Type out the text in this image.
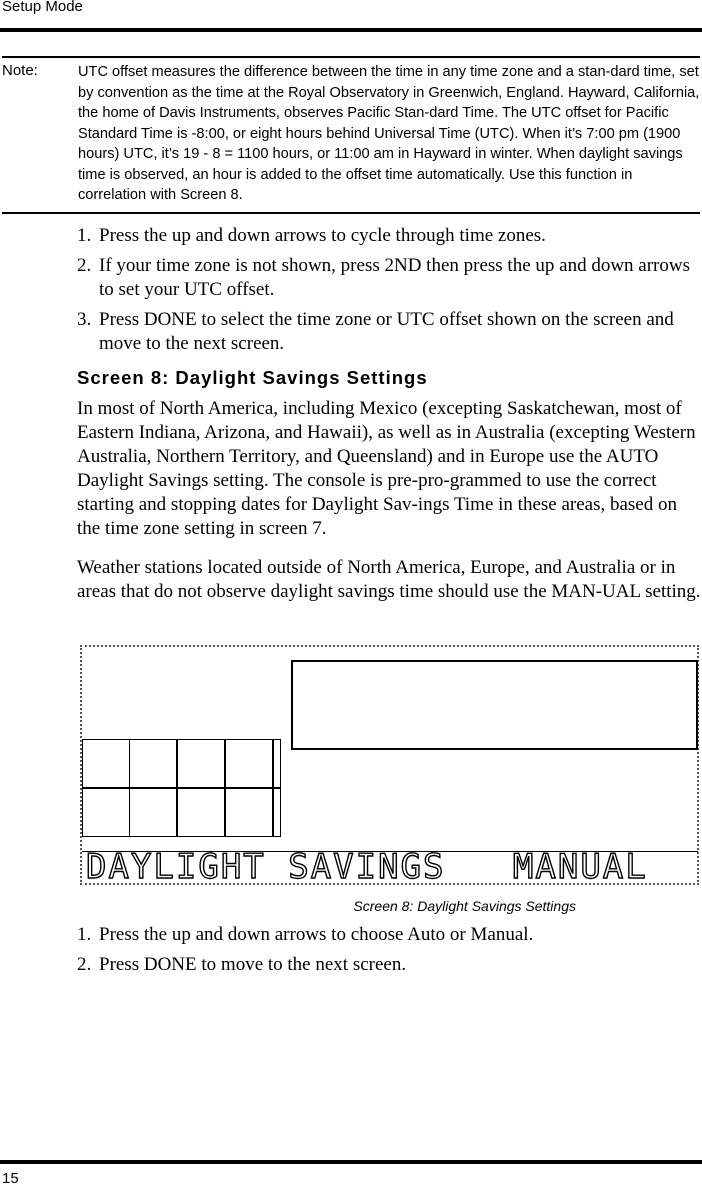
Setup Mode
Note:	UTC offset measures the difference between the time in any time zone and a stan-dard time, set by convention as the time at the Royal Observatory in Greenwich, England. Hayward, California, the home of Davis Instruments, observes Pacific Stan-dard Time. The UTC offset for Pacific Standard Time is -8:00, or eight hours behind Universal Time (UTC). When it’s 7:00 pm (1900 hours) UTC, it’s 19 - 8 = 1100 hours, or 11:00 am in Hayward in winter. When daylight savings time is observed, an hour is added to the offset time automatically. Use this function in correlation with Screen 8.
1. Press the up and down arrows to cycle through time zones.
2. If your time zone is not shown, press 2ND then press the up and down arrows to set your UTC offset.
3. Press DONE to select the time zone or UTC offset shown on the screen and move to the next screen.
Screen 8: Daylight Savings Settings

In most of North America, including Mexico (excepting Saskatchewan, most of Eastern Indiana, Arizona, and Hawaii), as well as in Australia (excepting Western Australia, Northern Territory, and Queensland) and in Europe use the AUTO Daylight Savings setting. The console is pre-pro-grammed to use the correct starting and stopping dates for Daylight Sav-ings Time in these areas, based on the time zone setting in screen 7.

Weather stations located outside of North America, Europe, and Australia or in areas that do not observe daylight savings time should use the MAN-UAL setting.

DAYLIGHT SAVINGS   MANUAL
Screen 8: Daylight Savings Settings
1. Press the up and down arrows to choose Auto or Manual.
2. Press DONE to move to the next screen.
15
